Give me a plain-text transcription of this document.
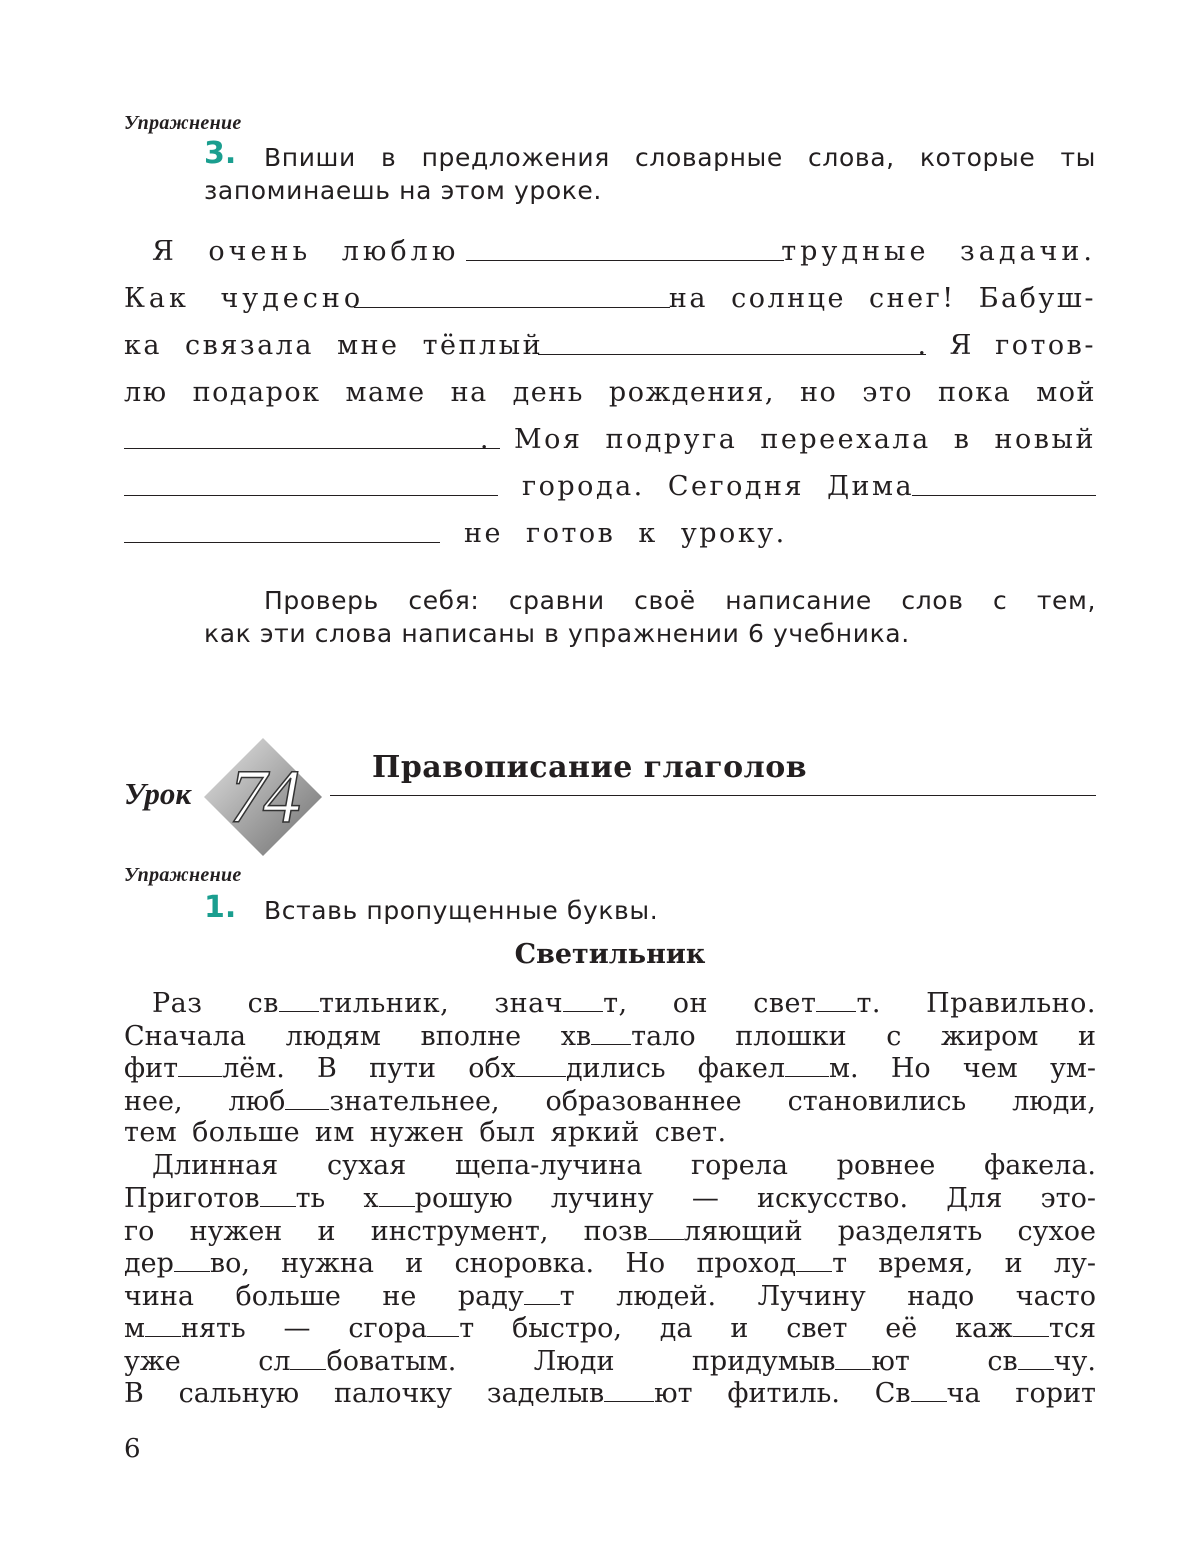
Упражнение
3. Впиши в предложения словарные слова, которые ты
запоминаешь на этом уроке.
Я очень люблю	трудные задачи.
Как чудесно	на солнце снег! Бабуш-
ка связала мне тёплый	. Я готов-
лю подарок маме на день рождения, но это пока мой
. Моя подруга переехала в новый
города. Сегодня Дима
не готов к уроку.
Проверь себя: сравни своё написание слов с тем,
как эти слова написаны в упражнении 6 учебника.
Урок 74	Правописание глаголов
Упражнение
1. Вставь пропущенные буквы.
Светильник
Раз св тильник, знач т, он свет т. Правильно.
Сначала людям вполне хв тало плошки с жиром и
фит лём. В пути обх дились факел м. Но чем ум-
нее, люб знательнее, образованнее становились люди,
тем больше им нужен был яркий свет.
Длинная сухая щепа-лучина горела ровнее факела.
Приготов ть х рошую лучину — искусство. Для это-
го нужен и инструмент, позв ляющий разделять сухое
дер во, нужна и сноровка. Но проход т время, и лу-
чина больше не раду т людей. Лучину надо часто
м нять — сгора т быстро, да и свет её каж тся
уже сл боватым. Люди придумыв ют св чу.
В сальную палочку заделыв ют фитиль. Св ча горит
6
